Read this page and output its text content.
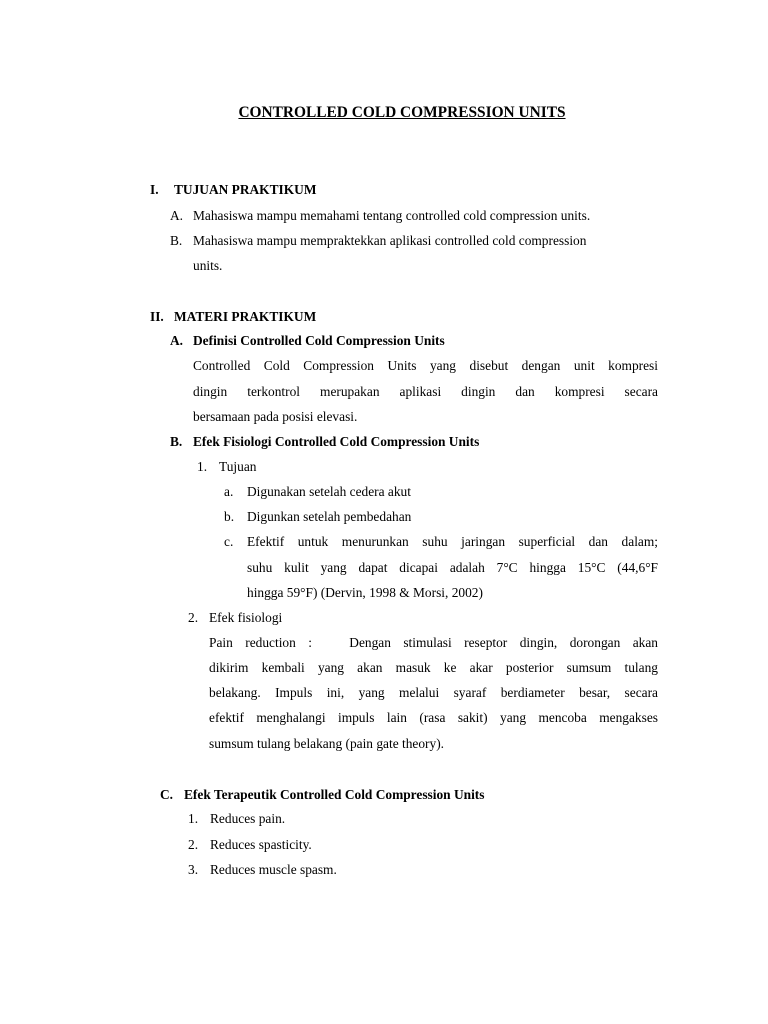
CONTROLLED COLD COMPRESSION UNITS
I. TUJUAN PRAKTIKUM
A. Mahasiswa mampu memahami tentang controlled cold compression units.
B. Mahasiswa mampu mempraktekkan aplikasi controlled cold compression
units.
II. MATERI PRAKTIKUM
A. Definisi Controlled Cold Compression Units
Controlled Cold Compression Units yang disebut dengan unit kompresi
dingin terkontrol merupakan aplikasi dingin dan kompresi secara
bersamaan pada posisi elevasi.
B. Efek Fisiologi Controlled Cold Compression Units
1. Tujuan
a. Digunakan setelah cedera akut
b. Digunkan setelah pembedahan
c. Efektif untuk menurunkan suhu jaringan superficial dan dalam;
suhu kulit yang dapat dicapai adalah 7°C hingga 15°C (44,6°F
hingga 59°F) (Dervin, 1998 & Morsi, 2002)
2. Efek fisiologi
Pain reduction :   Dengan stimulasi reseptor dingin, dorongan akan
dikirim kembali yang akan masuk ke akar posterior sumsum tulang
belakang. Impuls ini, yang melalui syaraf berdiameter besar, secara
efektif menghalangi impuls lain (rasa sakit) yang mencoba mengakses
sumsum tulang belakang (pain gate theory).
C. Efek Terapeutik Controlled Cold Compression Units
1. Reduces pain.
2. Reduces spasticity.
3. Reduces muscle spasm.
